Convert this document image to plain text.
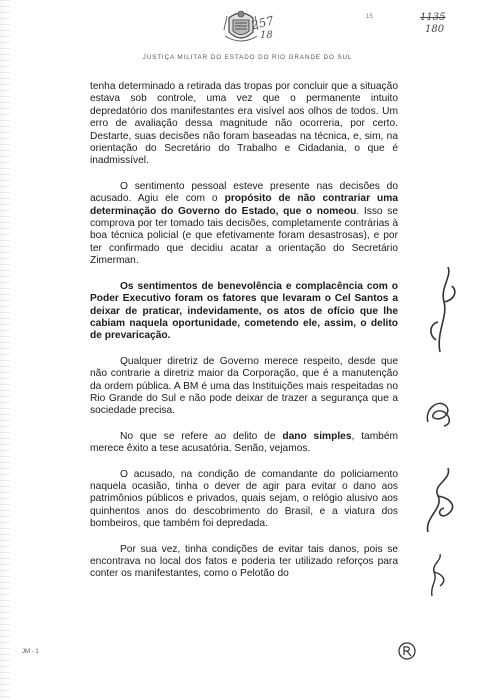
257
18
15	1135
180
JUSTIÇA MILITAR DO ESTADO DO RIO GRANDE DO SUL

tenha determinado a retirada das tropas por concluir que a situação estava sob controle, uma vez que o permanente intuito depredatório dos manifestantes era visível aos olhos de todos. Um erro de avaliação dessa magnitude não ocorreria, por certo. Destarte, suas decisões não foram baseadas na técnica, e, sim, na orientação do Secretário do Trabalho e Cidadania, o que é inadmissível.

O sentimento pessoal esteve presente nas decisões do acusado. Agiu ele com o propósito de não contrariar uma determinação do Governo do Estado, que o nomeou. Isso se comprova por ter tomado tais decisões, completamente contrárias à boa técnica policial (e que efetivamente foram desastrosas), e por ter confirmado que decidiu acatar a orientação do Secretário Zimerman.

Os sentimentos de benevolência e complacência com o Poder Executivo foram os fatores que levaram o Cel Santos a deixar de praticar, indevidamente, os atos de ofício que lhe cabiam naquela oportunidade, cometendo ele, assim, o delito de prevaricação.

Qualquer diretriz de Governo merece respeito, desde que não contrarie a diretriz maior da Corporação, que é a manutenção da ordem pública. A BM é uma das Instituições mais respeitadas no Rio Grande do Sul e não pode deixar de trazer a segurança que a sociedade precisa.

No que se refere ao delito de dano simples, também merece êxito a tese acusatória. Senão, vejamos.

O acusado, na condição de comandante do policiamento naquela ocasião, tinha o dever de agir para evitar o dano aos patrimônios públicos e privados, quais sejam, o relógio alusivo aos quinhentos anos do descobrimento do Brasil, e a viatura dos bombeiros, que também foi depredada.

Por sua vez, tinha condições de evitar tais danos, pois se encontrava no local dos fatos e poderia ter utilizado reforços para conter os manifestantes, como o Pelotão do

JM - 1
